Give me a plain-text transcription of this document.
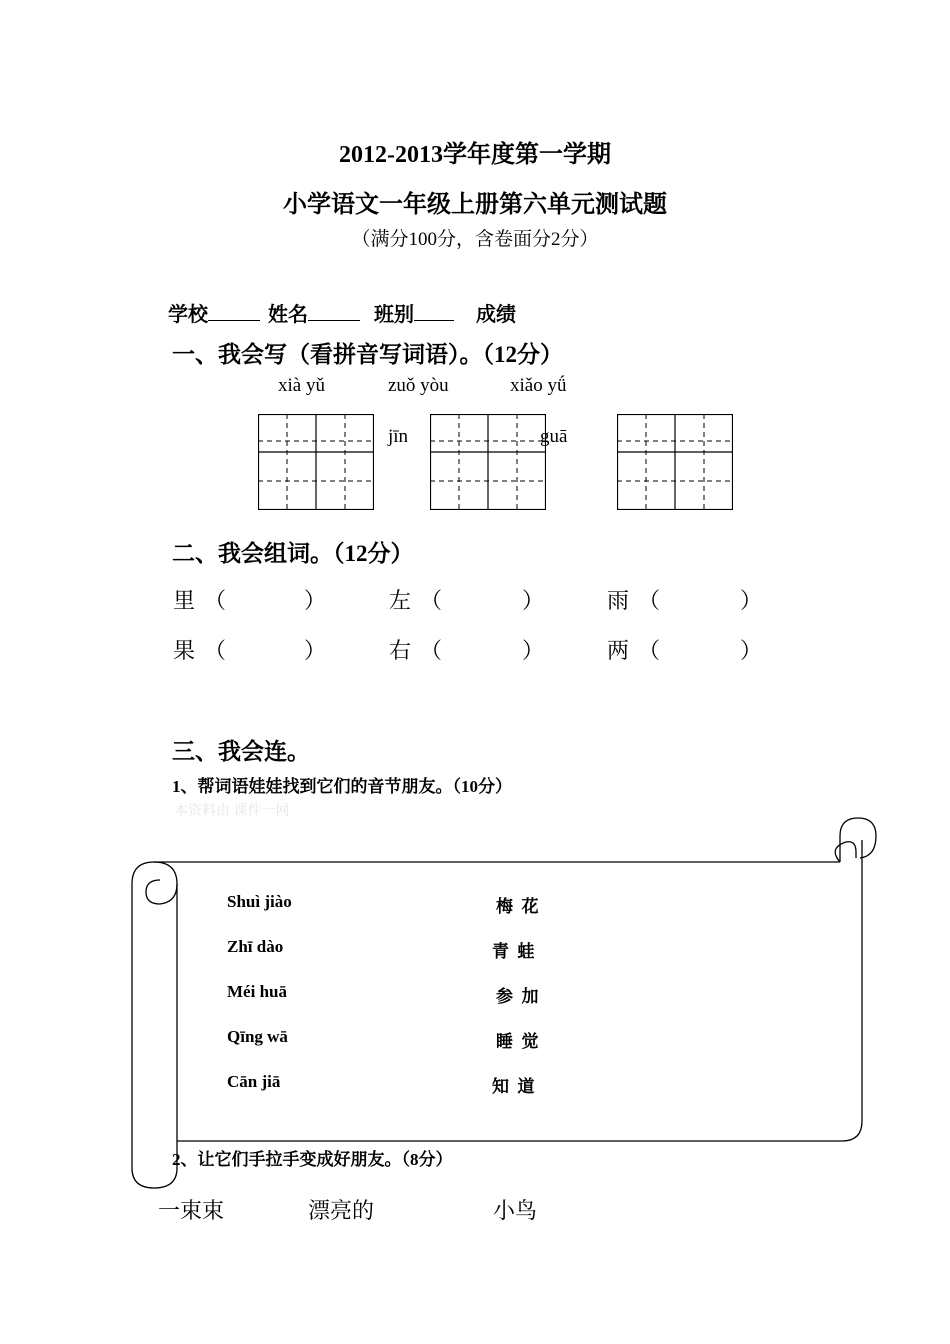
2012-2013学年度第一学期
小学语文一年级上册第六单元测试题
（满分100分，含卷面分2分）
学校	姓名	班别	成绩
一、我会写（看拼音写词语）。（12分）
xià yǔ	zuǒ yòu	xiǎo yǘ
jīn	guā
二、我会组词。（12分）
里 （	）	左 （	）	雨 （	）
果 （	）	右 （	）	两 （	）
三、我会连。
1、帮词语娃娃找到它们的音节朋友。（10分）
本资料由 课件一网
Shuì jiào
Zhī dào
Méi huā
Qīng wā
Cān jiā
梅  花
青  蛙
参  加
睡  觉
知  道
2、让它们手拉手变成好朋友。（8分）
一束束	漂亮的	小鸟
